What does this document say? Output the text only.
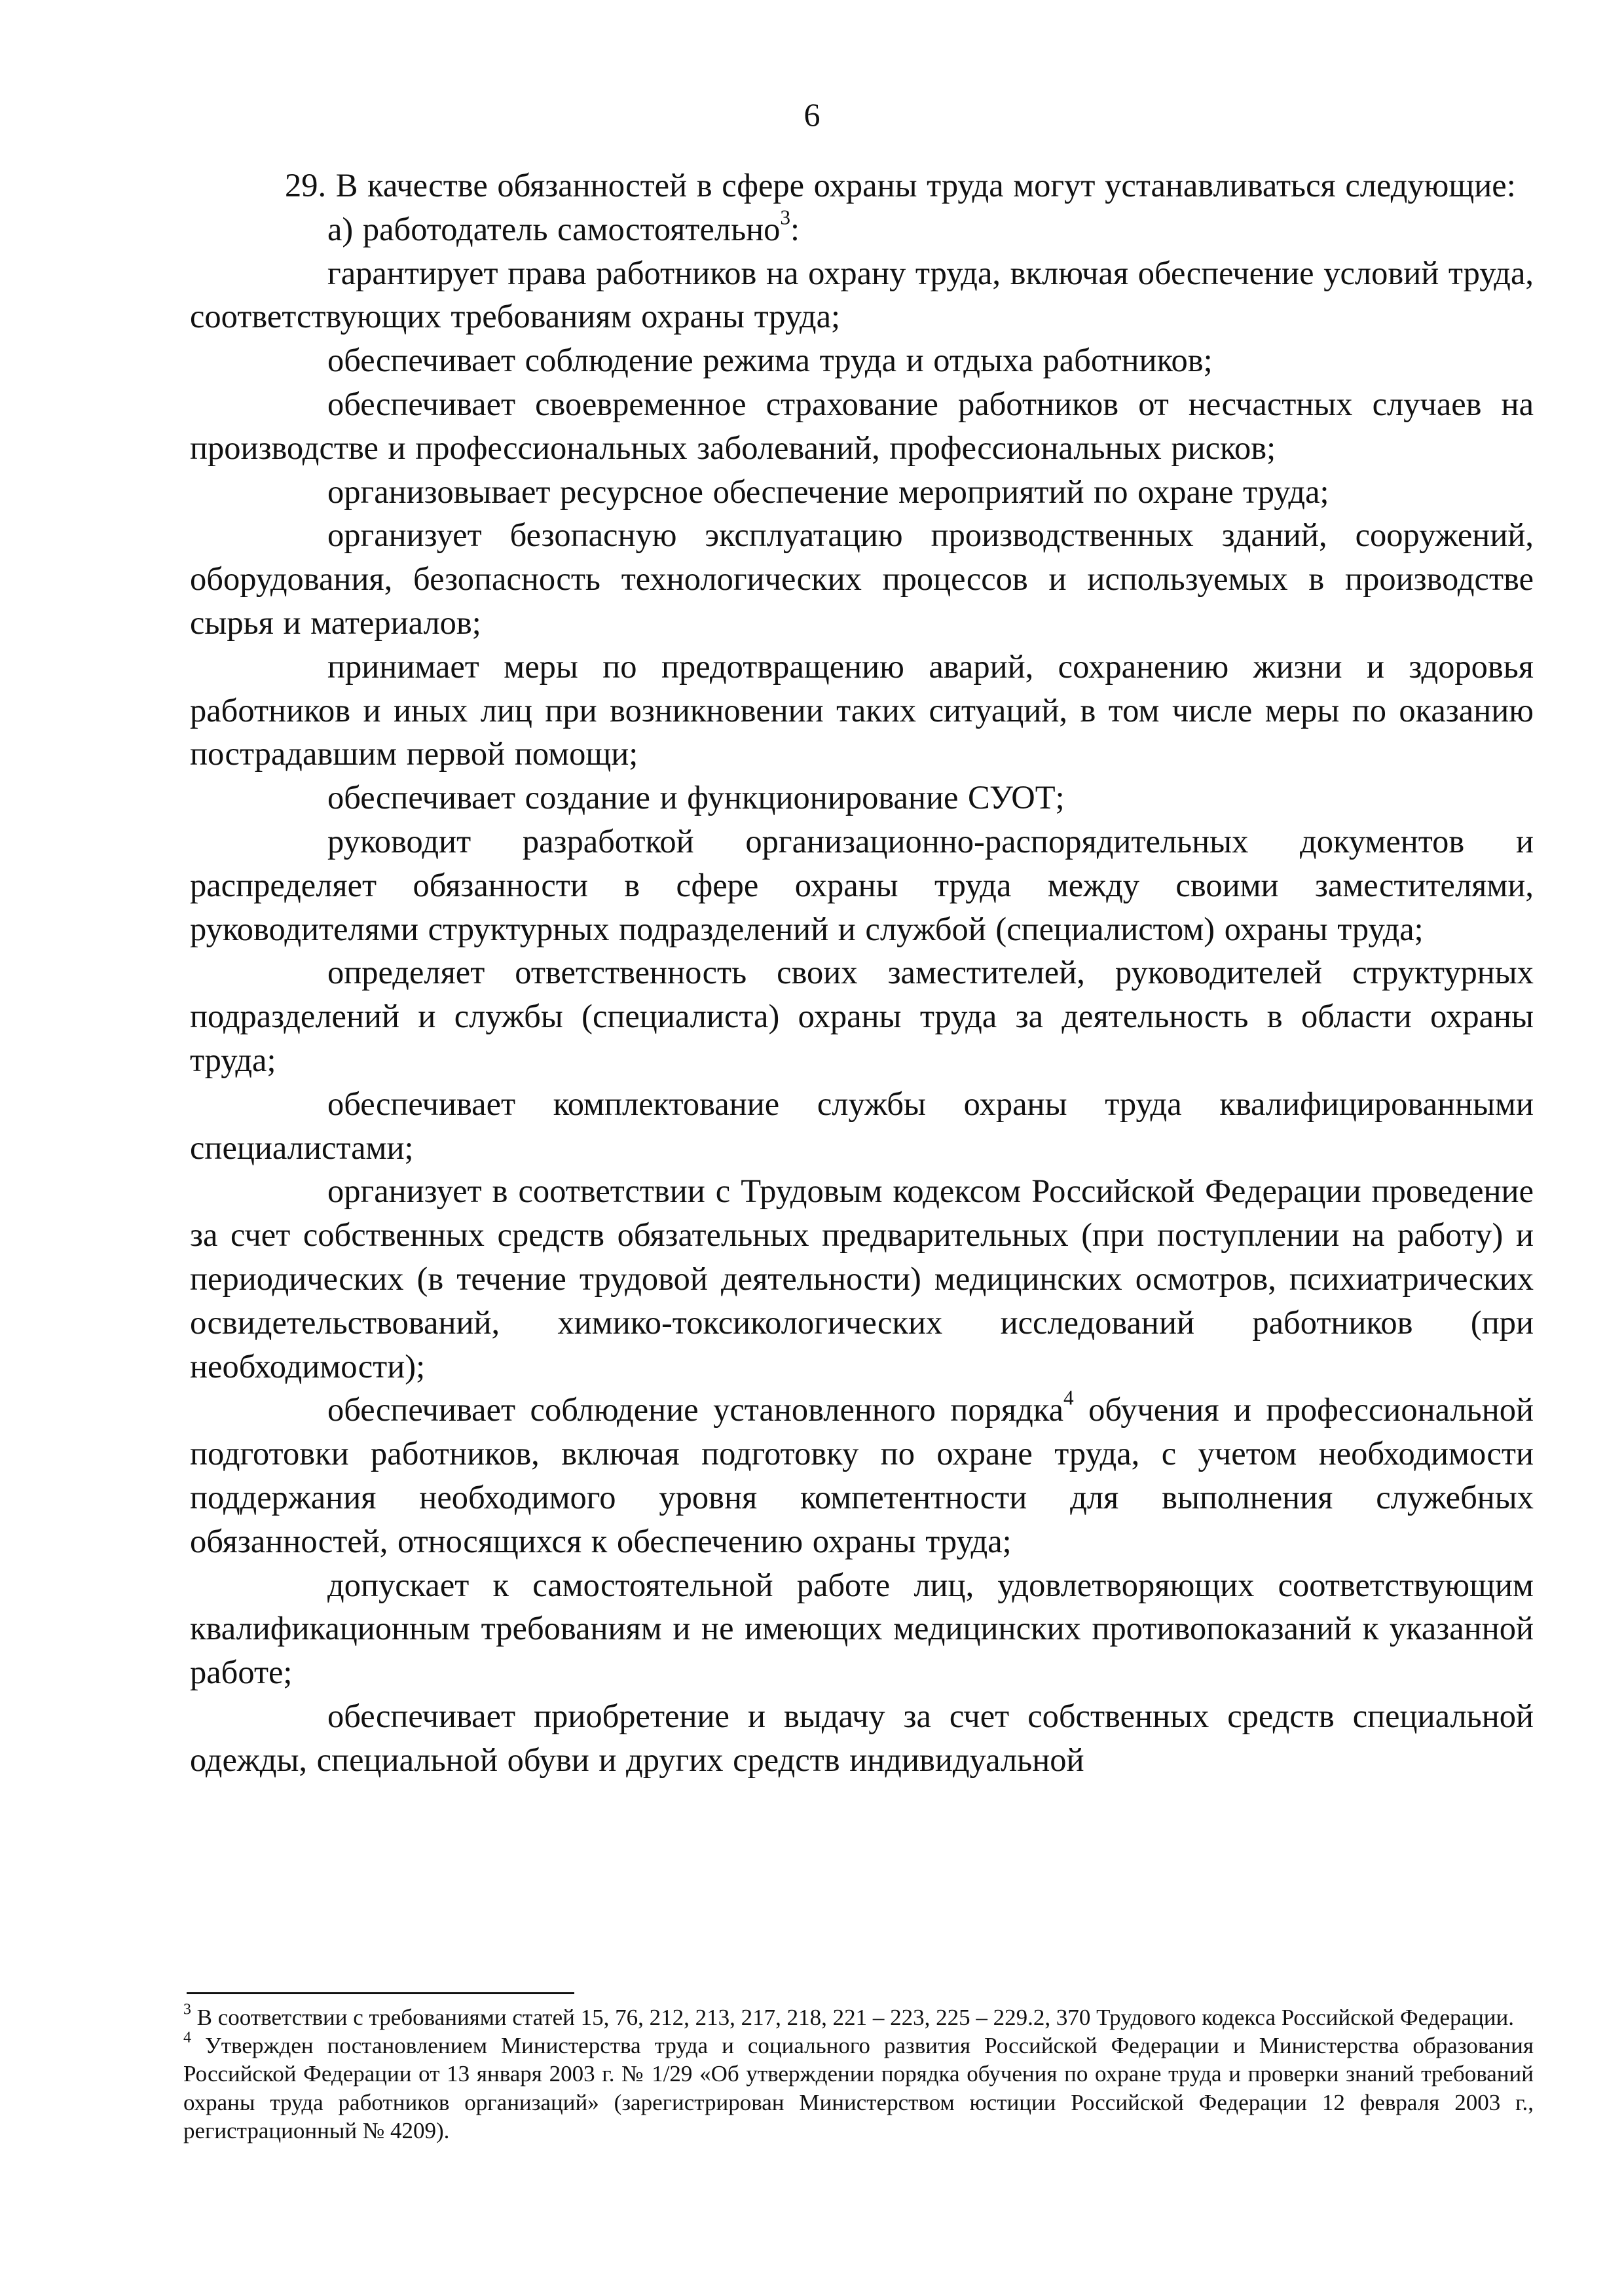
6

29. В качестве обязанностей в сфере охраны труда могут устанавливаться следующие:

а) работодатель самостоятельно$^3$:

гарантирует права работников на охрану труда, включая обеспечение условий труда, соответствующих требованиям охраны труда;

обеспечивает соблюдение режима труда и отдыха работников;

обеспечивает своевременное страхование работников от несчастных случаев на производстве и профессиональных заболеваний, профессиональных рисков;

организовывает ресурсное обеспечение мероприятий по охране труда;

организует безопасную эксплуатацию производственных зданий, сооружений, оборудования, безопасность технологических процессов и используемых в производстве сырья и материалов;

принимает меры по предотвращению аварий, сохранению жизни и здоровья работников и иных лиц при возникновении таких ситуаций, в том числе меры по оказанию пострадавшим первой помощи;

обеспечивает создание и функционирование СУОТ;

руководит разработкой организационно-распорядительных документов и распределяет обязанности в сфере охраны труда между своими заместителями, руководителями структурных подразделений и службой (специалистом) охраны труда;

определяет ответственность своих заместителей, руководителей структурных подразделений и службы (специалиста) охраны труда за деятельность в области охраны труда;

обеспечивает комплектование службы охраны труда квалифицированными специалистами;

организует в соответствии с Трудовым кодексом Российской Федерации проведение за счет собственных средств обязательных предварительных (при поступлении на работу) и периодических (в течение трудовой деятельности) медицинских осмотров, психиатрических освидетельствований, химико-токсикологических исследований работников (при необходимости);

обеспечивает соблюдение установленного порядка$^4$ обучения и профессиональной подготовки работников, включая подготовку по охране труда, с учетом необходимости поддержания необходимого уровня компетентности для выполнения служебных обязанностей, относящихся к обеспечению охраны труда;

допускает к самостоятельной работе лиц, удовлетворяющих соответствующим квалификационным требованиям и не имеющих медицинских противопоказаний к указанной работе;

обеспечивает приобретение и выдачу за счет собственных средств специальной одежды, специальной обуви и других средств индивидуальной

$^3$ В соответствии с требованиями статей 15, 76, 212, 213, 217, 218, 221 – 223, 225 – 229.2, 370 Трудового кодекса Российской Федерации.

$^4$ Утвержден постановлением Министерства труда и социального развития Российской Федерации и Министерства образования Российской Федерации от 13 января 2003 г. № 1/29 «Об утверждении порядка обучения по охране труда и проверки знаний требований охраны труда работников организаций» (зарегистрирован Министерством юстиции Российской Федерации 12 февраля 2003 г., регистрационный № 4209).
